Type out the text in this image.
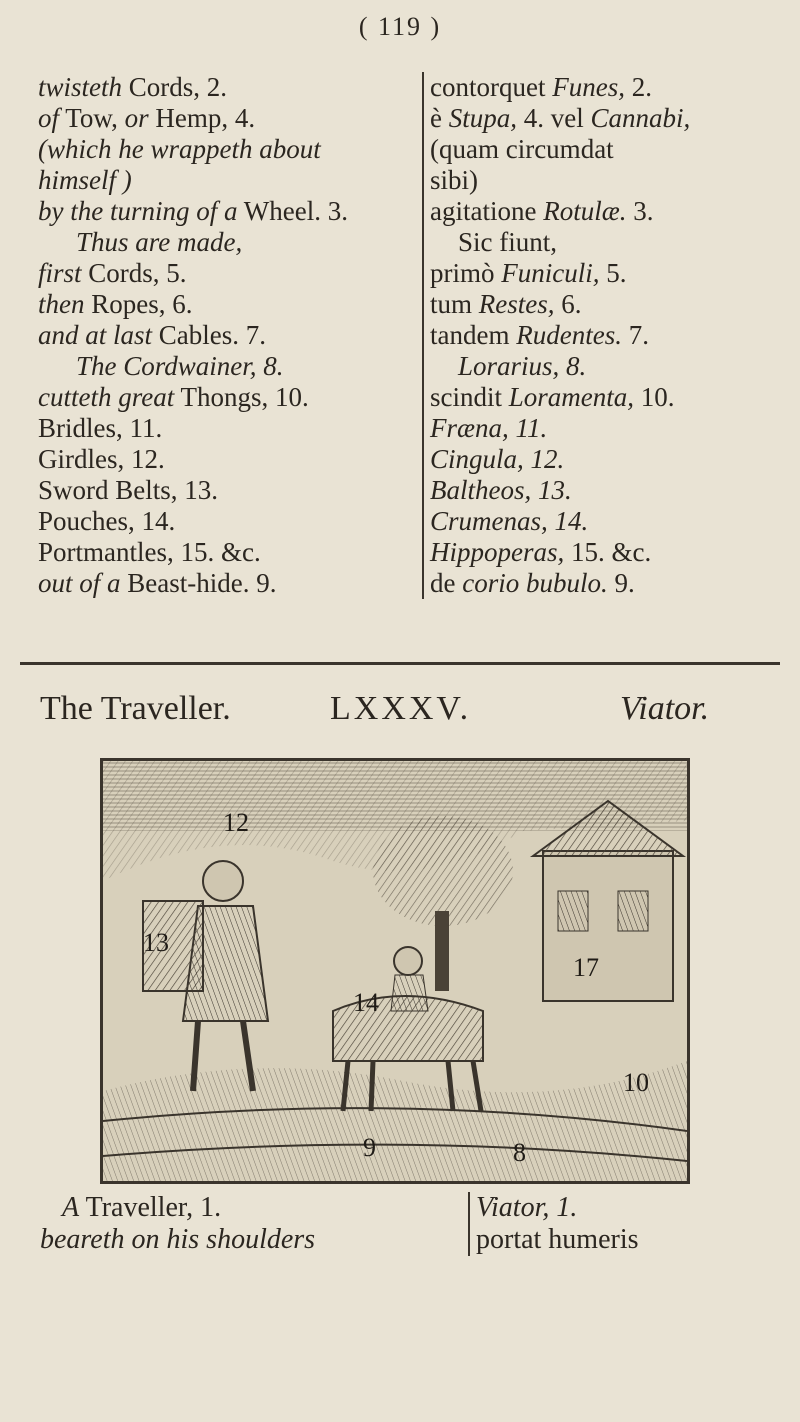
( 119 )
twisteth Cords, 2.
of Tow, or Hemp, 4.
(which he wrappeth about
himself )
by the turning of a Wheel. 3.
Thus are made,
first Cords, 5.
then Ropes, 6.
and at last Cables. 7.
The Cordwainer, 8.
cutteth great Thongs, 10.
Bridles, 11.
Girdles, 12.
Sword Belts, 13.
Pouches, 14.
Portmantles, 15. &c.
out of a Beast-hide. 9.
contorquet Funes, 2.
è Stupa, 4. vel Cannabi,
(quam circumdat
sibi)
agitatione Rotulæ. 3.
Sic fiunt,
primò Funiculi, 5.
tum Restes, 6.
tandem Rudentes. 7.
Lorarius, 8.
scindit Loramenta, 10.
Fræna, 11.
Cingula, 12.
Baltheos, 13.
Crumenas, 14.
Hippoperas, 15. &c.
de corio bubulo. 9.
The Traveller.	LXXXV.	Viator.
12
13
14
9	8
17
10
A Traveller, 1.
beareth on his shoulders
Viator, 1.
portat humeris
